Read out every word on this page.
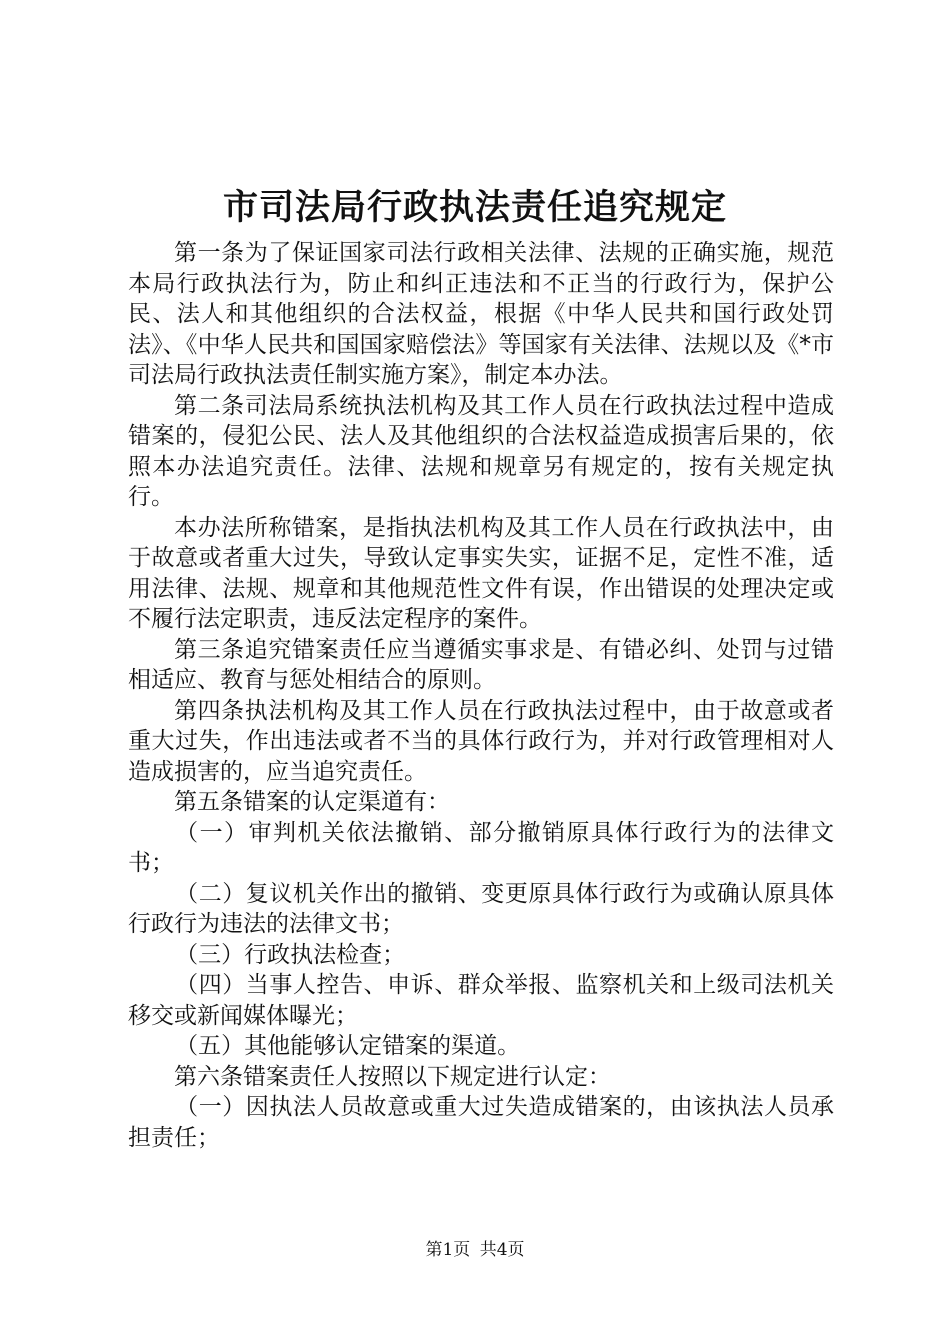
市司法局行政执法责任追究规定

第一条为了保证国家司法行政相关法律、法规的正确实施，规范本局行政执法行为，防止和纠正违法和不正当的行政行为，保护公民、法人和其他组织的合法权益，根据《中华人民共和国行政处罚法》、《中华人民共和国国家赔偿法》等国家有关法律、法规以及《*市司法局行政执法责任制实施方案》，制定本办法。

第二条司法局系统执法机构及其工作人员在行政执法过程中造成错案的，侵犯公民、法人及其他组织的合法权益造成损害后果的，依照本办法追究责任。法律、法规和规章另有规定的，按有关规定执行。

本办法所称错案，是指执法机构及其工作人员在行政执法中，由于故意或者重大过失，导致认定事实失实，证据不足，定性不准，适用法律、法规、规章和其他规范性文件有误，作出错误的处理决定或不履行法定职责，违反法定程序的案件。

第三条追究错案责任应当遵循实事求是、有错必纠、处罚与过错相适应、教育与惩处相结合的原则。

第四条执法机构及其工作人员在行政执法过程中，由于故意或者重大过失，作出违法或者不当的具体行政行为，并对行政管理相对人造成损害的，应当追究责任。

第五条错案的认定渠道有：

（一）审判机关依法撤销、部分撤销原具体行政行为的法律文书；

（二）复议机关作出的撤销、变更原具体行政行为或确认原具体行政行为违法的法律文书；

（三）行政执法检查；

（四）当事人控告、申诉、群众举报、监察机关和上级司法机关移交或新闻媒体曝光；

（五）其他能够认定错案的渠道。

第六条错案责任人按照以下规定进行认定：

（一）因执法人员故意或重大过失造成错案的，由该执法人员承担责任；

第1页 共4页
